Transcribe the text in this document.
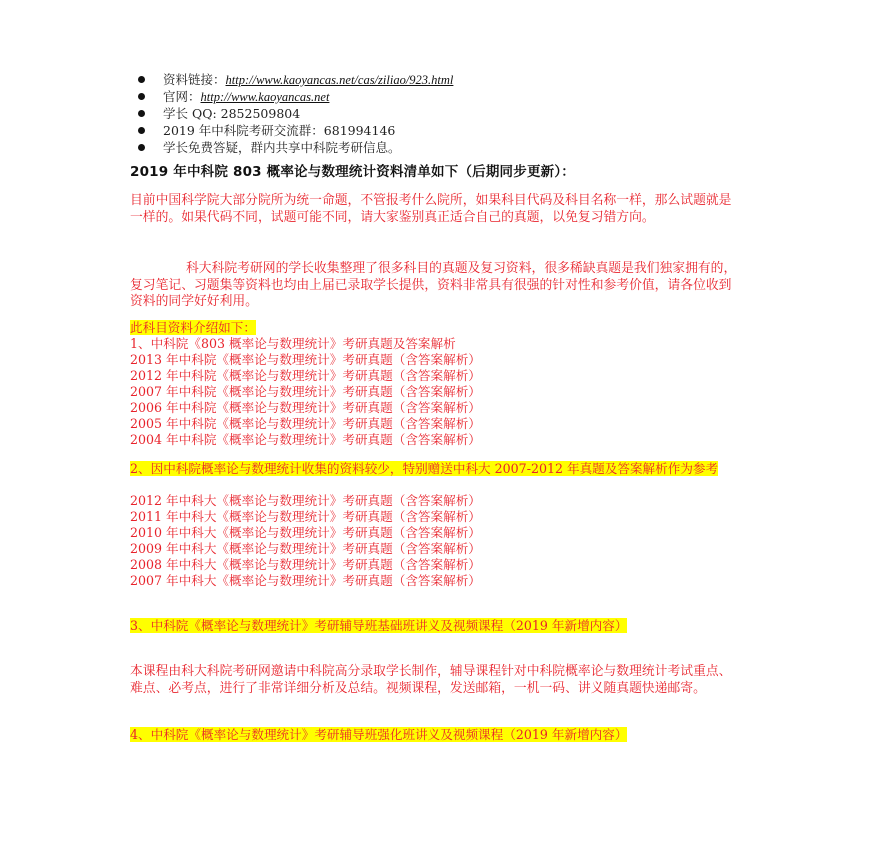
资料链接：http://www.kaoyancas.net/cas/ziliao/923.html
官网：http://www.kaoyancas.net
学长 QQ: 2852509804
2019 年中科院考研交流群：681994146
学长免费答疑，群内共享中科院考研信息。
2019 年中科院 803 概率论与数理统计资料清单如下（后期同步更新）：

目前中国科学院大部分院所为统一命题，不管报考什么院所，如果科目代码及科目名称一样，那么试题就是一样的。如果代码不同，试题可能不同，请大家鉴别真正适合自己的真题，以免复习错方向。

科大科院考研网的学长收集整理了很多科目的真题及复习资料，很多稀缺真题是我们独家拥有的，复习笔记、习题集等资料也均由上届已录取学长提供，资料非常具有很强的针对性和参考价值，请各位收到资料的同学好好利用。

此科目资料介绍如下：
1、中科院《803 概率论与数理统计》考研真题及答案解析
2013 年中科院《概率论与数理统计》考研真题（含答案解析）
2012 年中科院《概率论与数理统计》考研真题（含答案解析）
2007 年中科院《概率论与数理统计》考研真题（含答案解析）
2006 年中科院《概率论与数理统计》考研真题（含答案解析）
2005 年中科院《概率论与数理统计》考研真题（含答案解析）
2004 年中科院《概率论与数理统计》考研真题（含答案解析）
2、因中科院概率论与数理统计收集的资料较少，特别赠送中科大 2007-2012 年真题及答案解析作为参考
2012 年中科大《概率论与数理统计》考研真题（含答案解析）
2011 年中科大《概率论与数理统计》考研真题（含答案解析）
2010 年中科大《概率论与数理统计》考研真题（含答案解析）
2009 年中科大《概率论与数理统计》考研真题（含答案解析）
2008 年中科大《概率论与数理统计》考研真题（含答案解析）
2007 年中科大《概率论与数理统计》考研真题（含答案解析）
3、中科院《概率论与数理统计》考研辅导班基础班讲义及视频课程（2019 年新增内容）

本课程由科大科院考研网邀请中科院高分录取学长制作，辅导课程针对中科院概率论与数理统计考试重点、难点、必考点，进行了非常详细分析及总结。视频课程，发送邮箱，一机一码、讲义随真题快递邮寄。

4、中科院《概率论与数理统计》考研辅导班强化班讲义及视频课程（2019 年新增内容）
